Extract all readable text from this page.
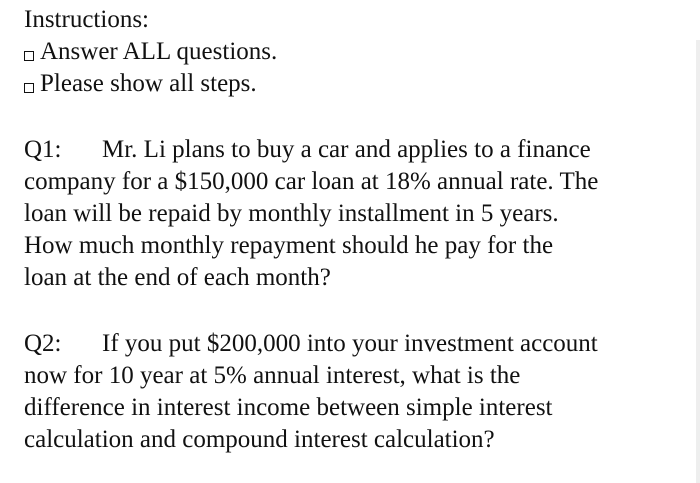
Instructions:
Answer ALL questions.
Please show all steps.
Q1:	Mr. Li plans to buy a car and applies to a finance
company for a $150,000 car loan at 18% annual rate. The
loan will be repaid by monthly installment in 5 years.
How much monthly repayment should he pay for the
loan at the end of each month?
Q2:	If you put $200,000 into your investment account
now for 10 year at 5% annual interest, what is the
difference in interest income between simple interest
calculation and compound interest calculation?
